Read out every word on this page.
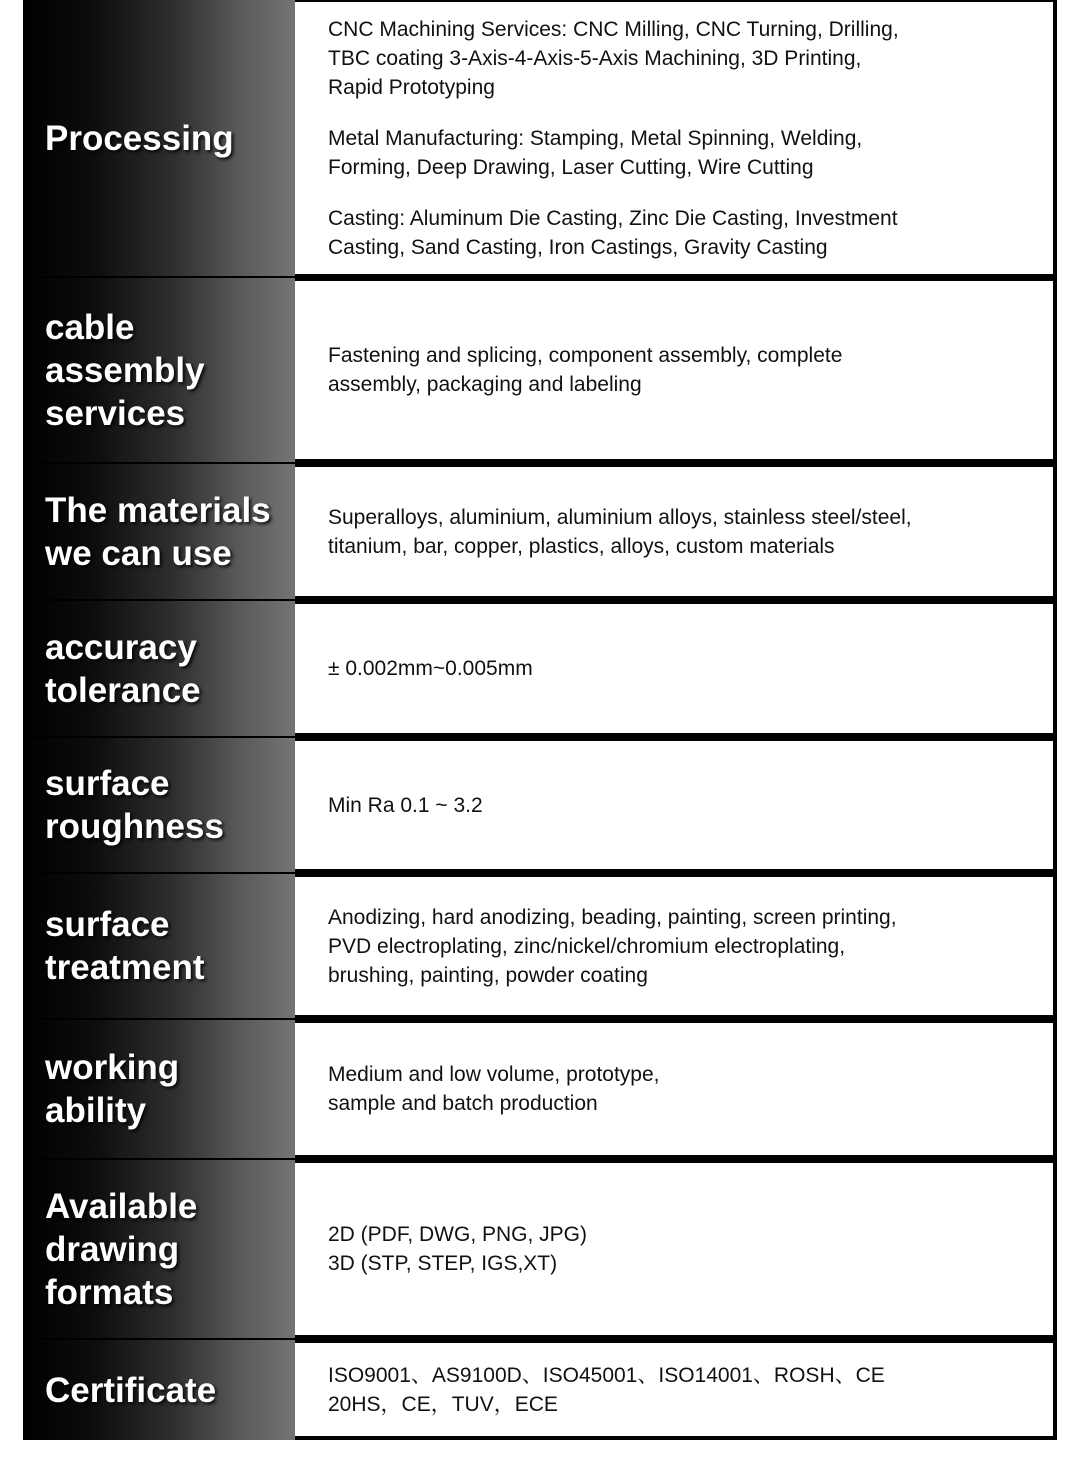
Processing

CNC Machining Services: CNC Milling, CNC Turning, Drilling,
TBC coating 3-Axis-4-Axis-5-Axis Machining, 3D Printing,
Rapid Prototyping

Metal Manufacturing: Stamping, Metal Spinning, Welding,
Forming, Deep Drawing, Laser Cutting, Wire Cutting

Casting: Aluminum Die Casting, Zinc Die Casting, Investment
Casting, Sand Casting, Iron Castings, Gravity Casting

cable
assembly
services

Fastening and splicing, component assembly, complete
assembly, packaging and labeling

The materials
we can use

Superalloys, aluminium, aluminium alloys, stainless steel/steel,
titanium, bar, copper, plastics, alloys, custom materials

accuracy
tolerance

± 0.002mm~0.005mm

surface
roughness

Min Ra 0.1 ~ 3.2

surface
treatment

Anodizing, hard anodizing, beading, painting, screen printing,
PVD electroplating, zinc/nickel/chromium electroplating,
brushing, painting, powder coating

working
ability

Medium and low volume, prototype,
sample and batch production

Available
drawing
formats

2D (PDF, DWG, PNG, JPG)
3D (STP, STEP, IGS,XT)

Certificate	ISO9001、AS9100D、ISO45001、ISO14001、ROSH、CE
20HS，CE，TUV，ECE
